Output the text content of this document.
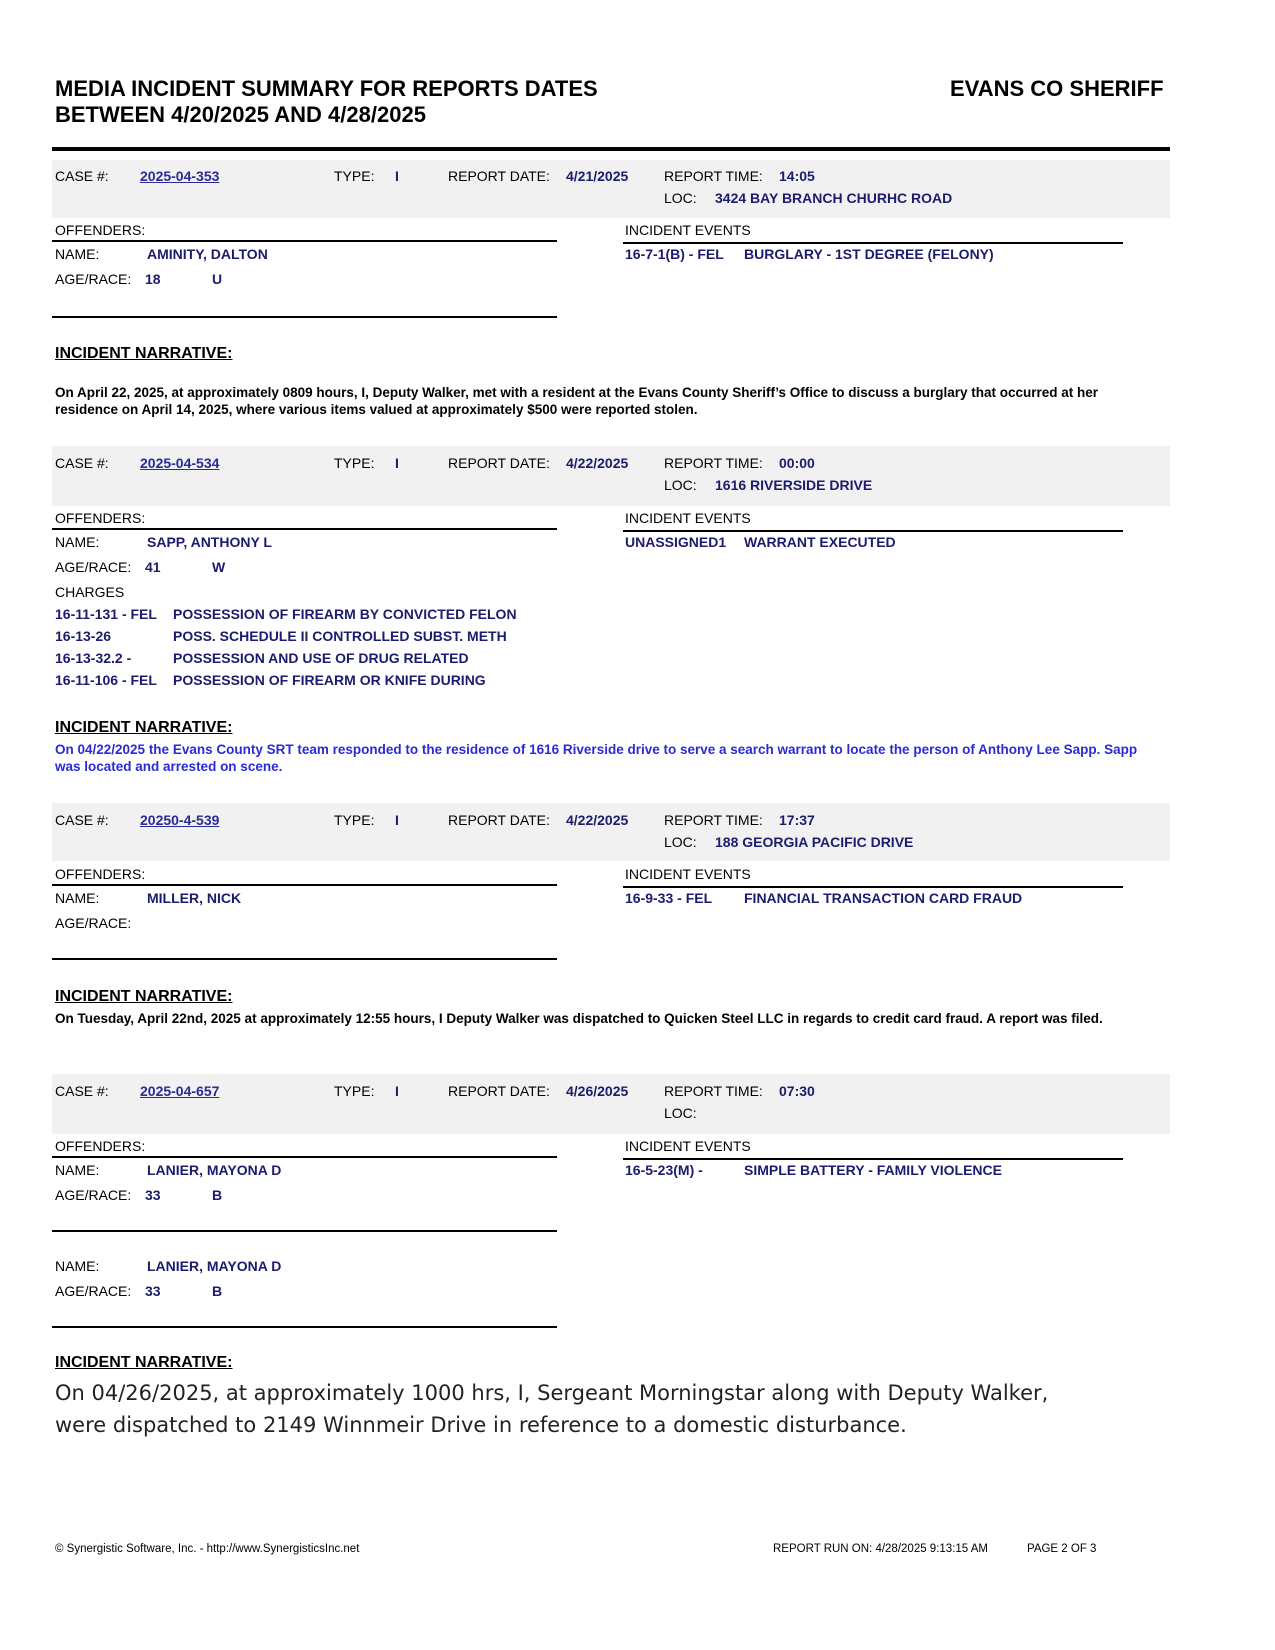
MEDIA INCIDENT SUMMARY FOR REPORTS DATES BETWEEN 4/20/2025 AND 4/28/2025
EVANS CO SHERIFF
CASE #: 2025-04-353	TYPE: I	REPORT DATE: 4/21/2025	REPORT TIME: 14:05
LOC: 3424 BAY BRANCH CHURHC ROAD
OFFENDERS:	INCIDENT EVENTS
NAME:	AMINITY, DALTON	16-7-1(B) - FEL BURGLARY - 1ST DEGREE (FELONY)
AGE/RACE: 18	U
INCIDENT NARRATIVE:
On April 22, 2025, at approximately 0809 hours, I, Deputy Walker, met with a resident at the Evans County Sheriff’s Office to discuss a burglary that occurred at her residence on April 14, 2025, where various items valued at approximately $500 were reported stolen.
CASE #: 2025-04-534	TYPE: I	REPORT DATE: 4/22/2025	REPORT TIME: 00:00
LOC: 1616 RIVERSIDE DRIVE
OFFENDERS:	INCIDENT EVENTS
NAME:	SAPP, ANTHONY L	UNASSIGNED1 WARRANT EXECUTED
AGE/RACE: 41	W
CHARGES
16-11-131 - FEL POSSESSION OF FIREARM BY CONVICTED FELON
16-13-26	POSS. SCHEDULE II CONTROLLED SUBST. METH
16-13-32.2 -	POSSESSION AND USE OF DRUG RELATED
16-11-106 - FEL POSSESSION OF FIREARM OR KNIFE DURING
INCIDENT NARRATIVE:
On 04/22/2025 the Evans County SRT team responded to the residence of 1616 Riverside drive to serve a search warrant to locate the person of Anthony Lee Sapp. Sapp was located and arrested on scene.
CASE #: 20250-4-539	TYPE: I	REPORT DATE: 4/22/2025	REPORT TIME: 17:37
LOC: 188 GEORGIA PACIFIC DRIVE
OFFENDERS:	INCIDENT EVENTS
NAME:	MILLER, NICK	16-9-33 - FEL FINANCIAL TRANSACTION CARD FRAUD
AGE/RACE:
INCIDENT NARRATIVE:
On Tuesday, April 22nd, 2025 at approximately 12:55 hours, I Deputy Walker was dispatched to Quicken Steel LLC in regards to credit card fraud. A report was filed.
CASE #: 2025-04-657	TYPE: I	REPORT DATE: 4/26/2025	REPORT TIME: 07:30
LOC:
OFFENDERS:	INCIDENT EVENTS
NAME:	LANIER, MAYONA D	16-5-23(M) -	SIMPLE BATTERY - FAMILY VIOLENCE
AGE/RACE: 33	B
NAME:	LANIER, MAYONA D
AGE/RACE: 33	B
INCIDENT NARRATIVE:
On 04/26/2025, at approximately 1000 hrs, I, Sergeant Morningstar along with Deputy Walker, were dispatched to 2149 Winnmeir Drive in reference to a domestic disturbance.
© Synergistic Software, Inc. - http://www.SynergisticsInc.net	REPORT RUN ON: 4/28/2025 9:13:15 AM	PAGE 2 OF 3
